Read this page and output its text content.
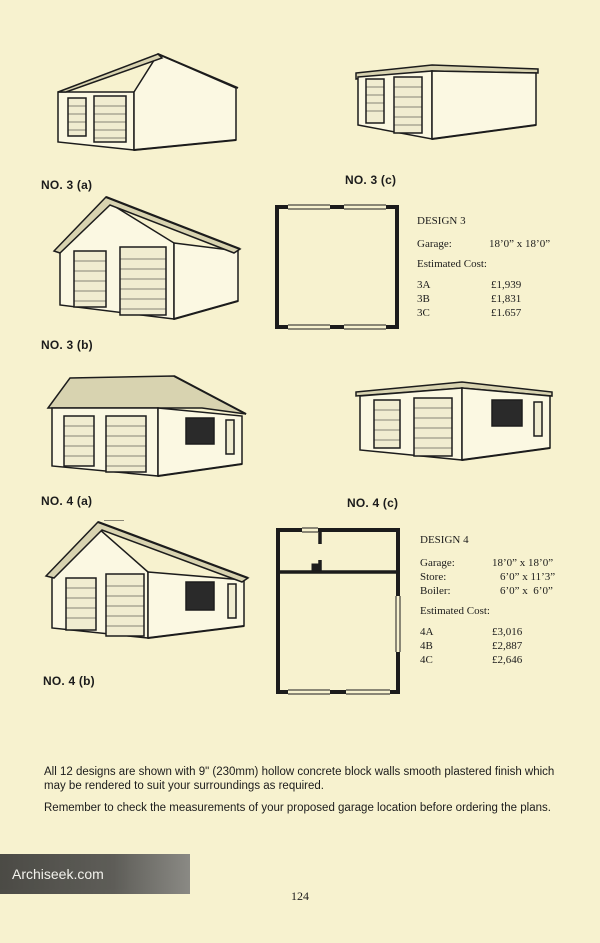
NO. 3 (a)	NO. 3 (c)
NO. 3 (b)
DESIGN 3
Garage:	18’0” x 18’0”
Estimated Cost:
3A	£1,939
3B	£1,831
3C	£1.657
NO. 4 (a)	NO. 4 (c)
NO. 4 (b)
DESIGN 4
Garage:	18’0” x 18’0”
Store:	6’0” x 11’3”
Boiler:	6’0” x  6’0”
Estimated Cost:
4A	£3,016
4B	£2,887
4C	£2,646
All 12 designs are shown with 9" (230mm) hollow concrete block walls smooth plastered finish which may be rendered to suit your surroundings as required.
Remember to check the measurements of your proposed garage location before ordering the plans.
Archiseek.com
124
